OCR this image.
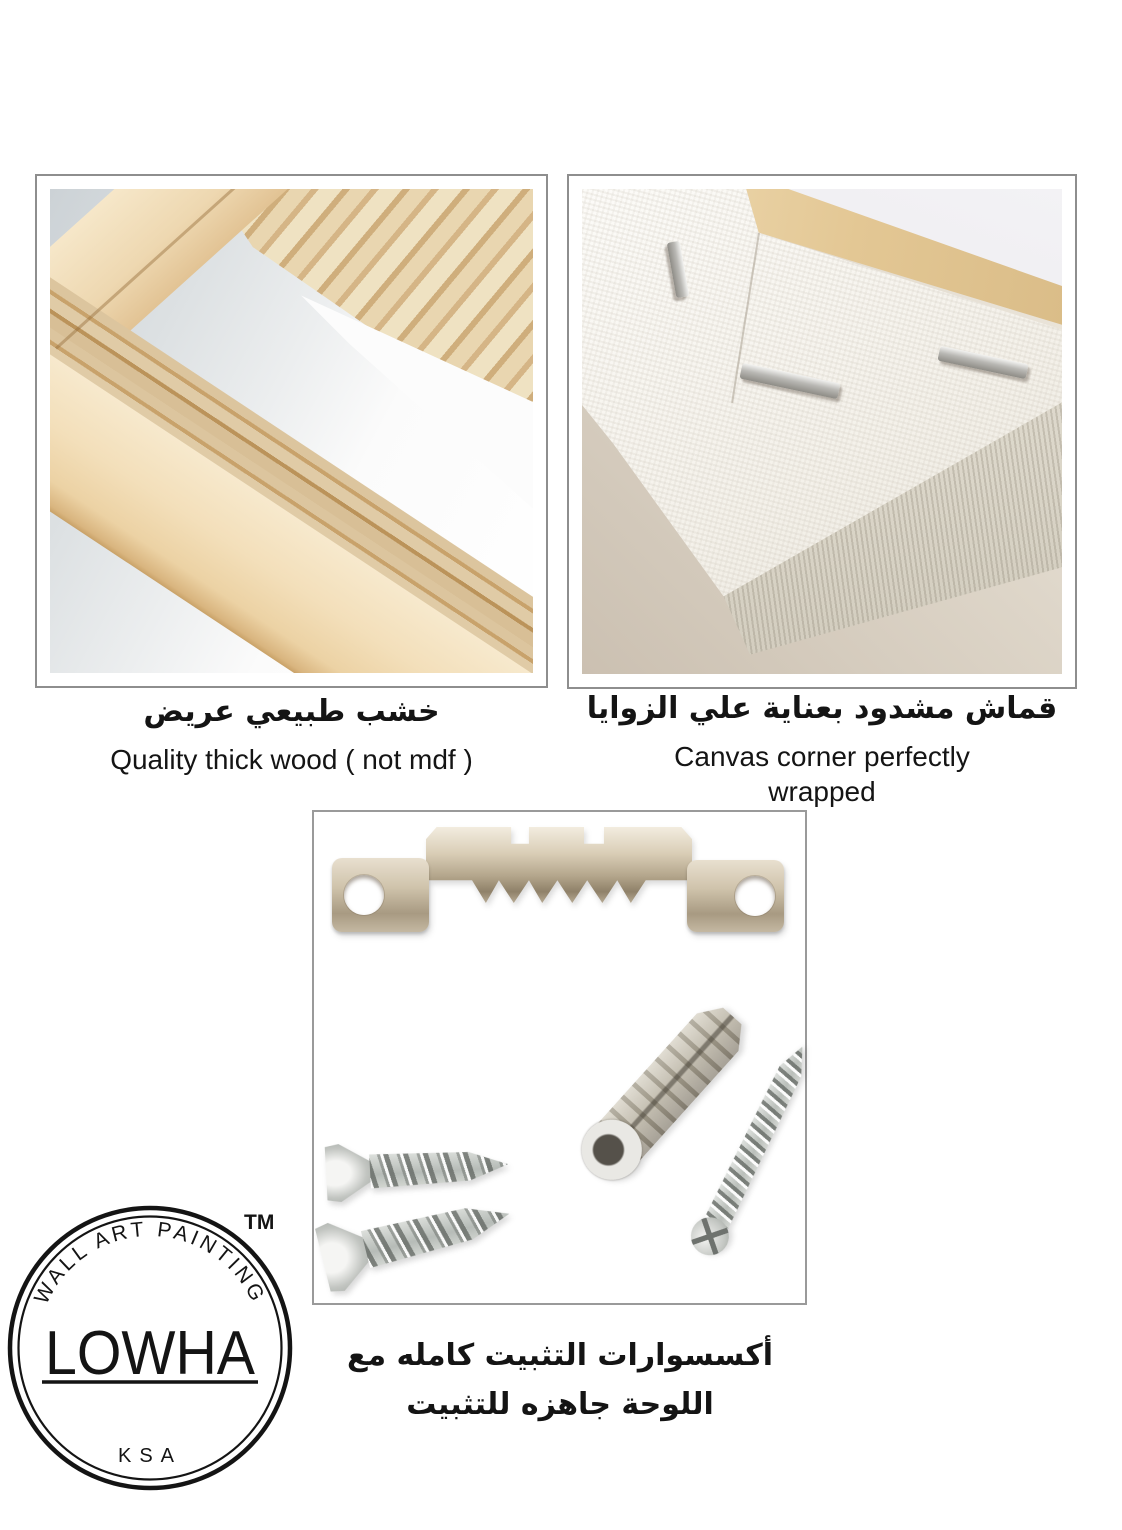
خشب طبيعي عريض
Quality thick wood ( not mdf )
قماش مشدود بعناية علي الزوايا
Canvas corner perfectly
wrapped
أكسسوارات التثبيت كامله مع
اللوحة جاهزه للتثبيت
WALL ART PAINTING
LOWHA
KSA
TM
